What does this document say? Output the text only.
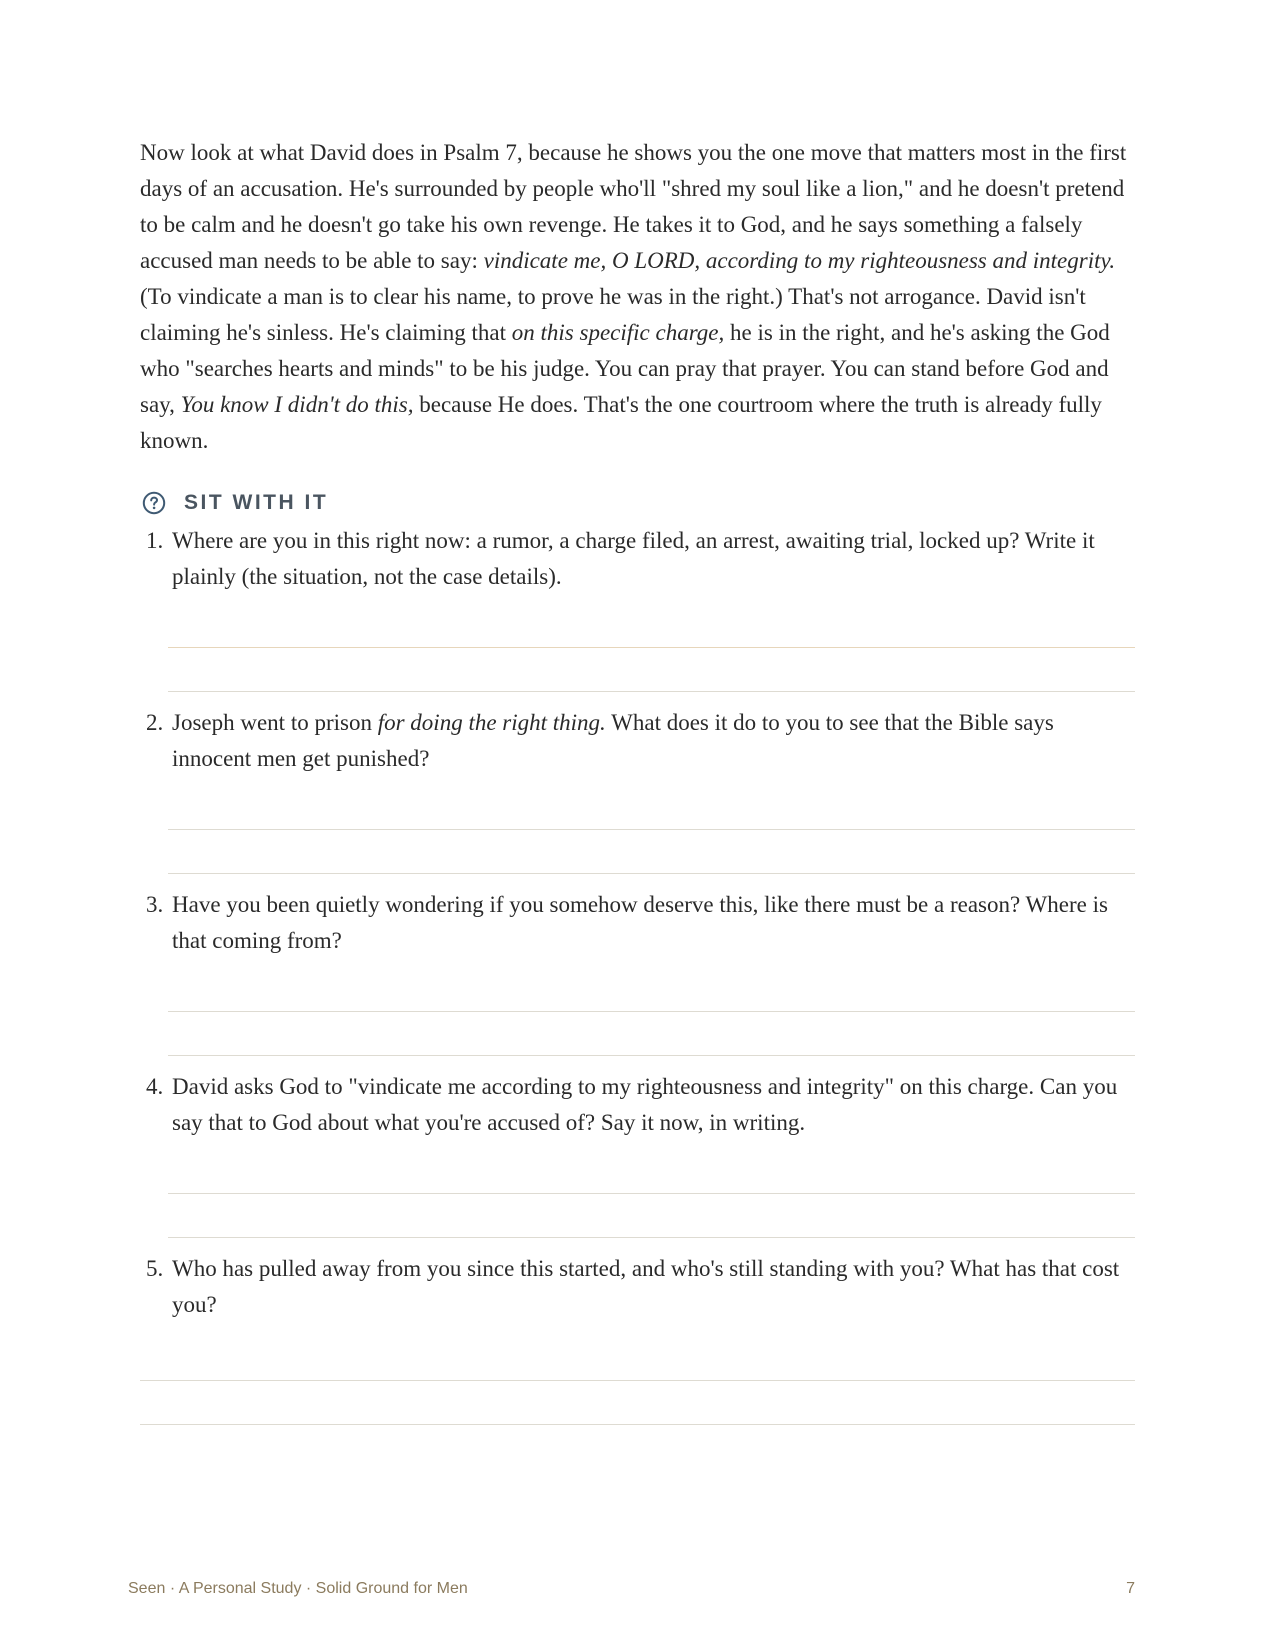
Now look at what David does in Psalm 7, because he shows you the one move that matters most in the first days of an accusation. He's surrounded by people who'll "shred my soul like a lion," and he doesn't pretend to be calm and he doesn't go take his own revenge. He takes it to God, and he says something a falsely accused man needs to be able to say: vindicate me, O LORD, according to my righteousness and integrity. (To vindicate a man is to clear his name, to prove he was in the right.) That's not arrogance. David isn't claiming he's sinless. He's claiming that on this specific charge, he is in the right, and he's asking the God who "searches hearts and minds" to be his judge. You can pray that prayer. You can stand before God and say, You know I didn't do this, because He does. That's the one courtroom where the truth is already fully known.

SIT WITH IT
1. Where are you in this right now: a rumor, a charge filed, an arrest, awaiting trial, locked up? Write it plainly (the situation, not the case details).
2. Joseph went to prison for doing the right thing. What does it do to you to see that the Bible says innocent men get punished?
3. Have you been quietly wondering if you somehow deserve this, like there must be a reason? Where is that coming from?
4. David asks God to "vindicate me according to my righteousness and integrity" on this charge. Can you say that to God about what you're accused of? Say it now, in writing.
5. Who has pulled away from you since this started, and who's still standing with you? What has that cost you?
Seen · A Personal Study · Solid Ground for Men	7
